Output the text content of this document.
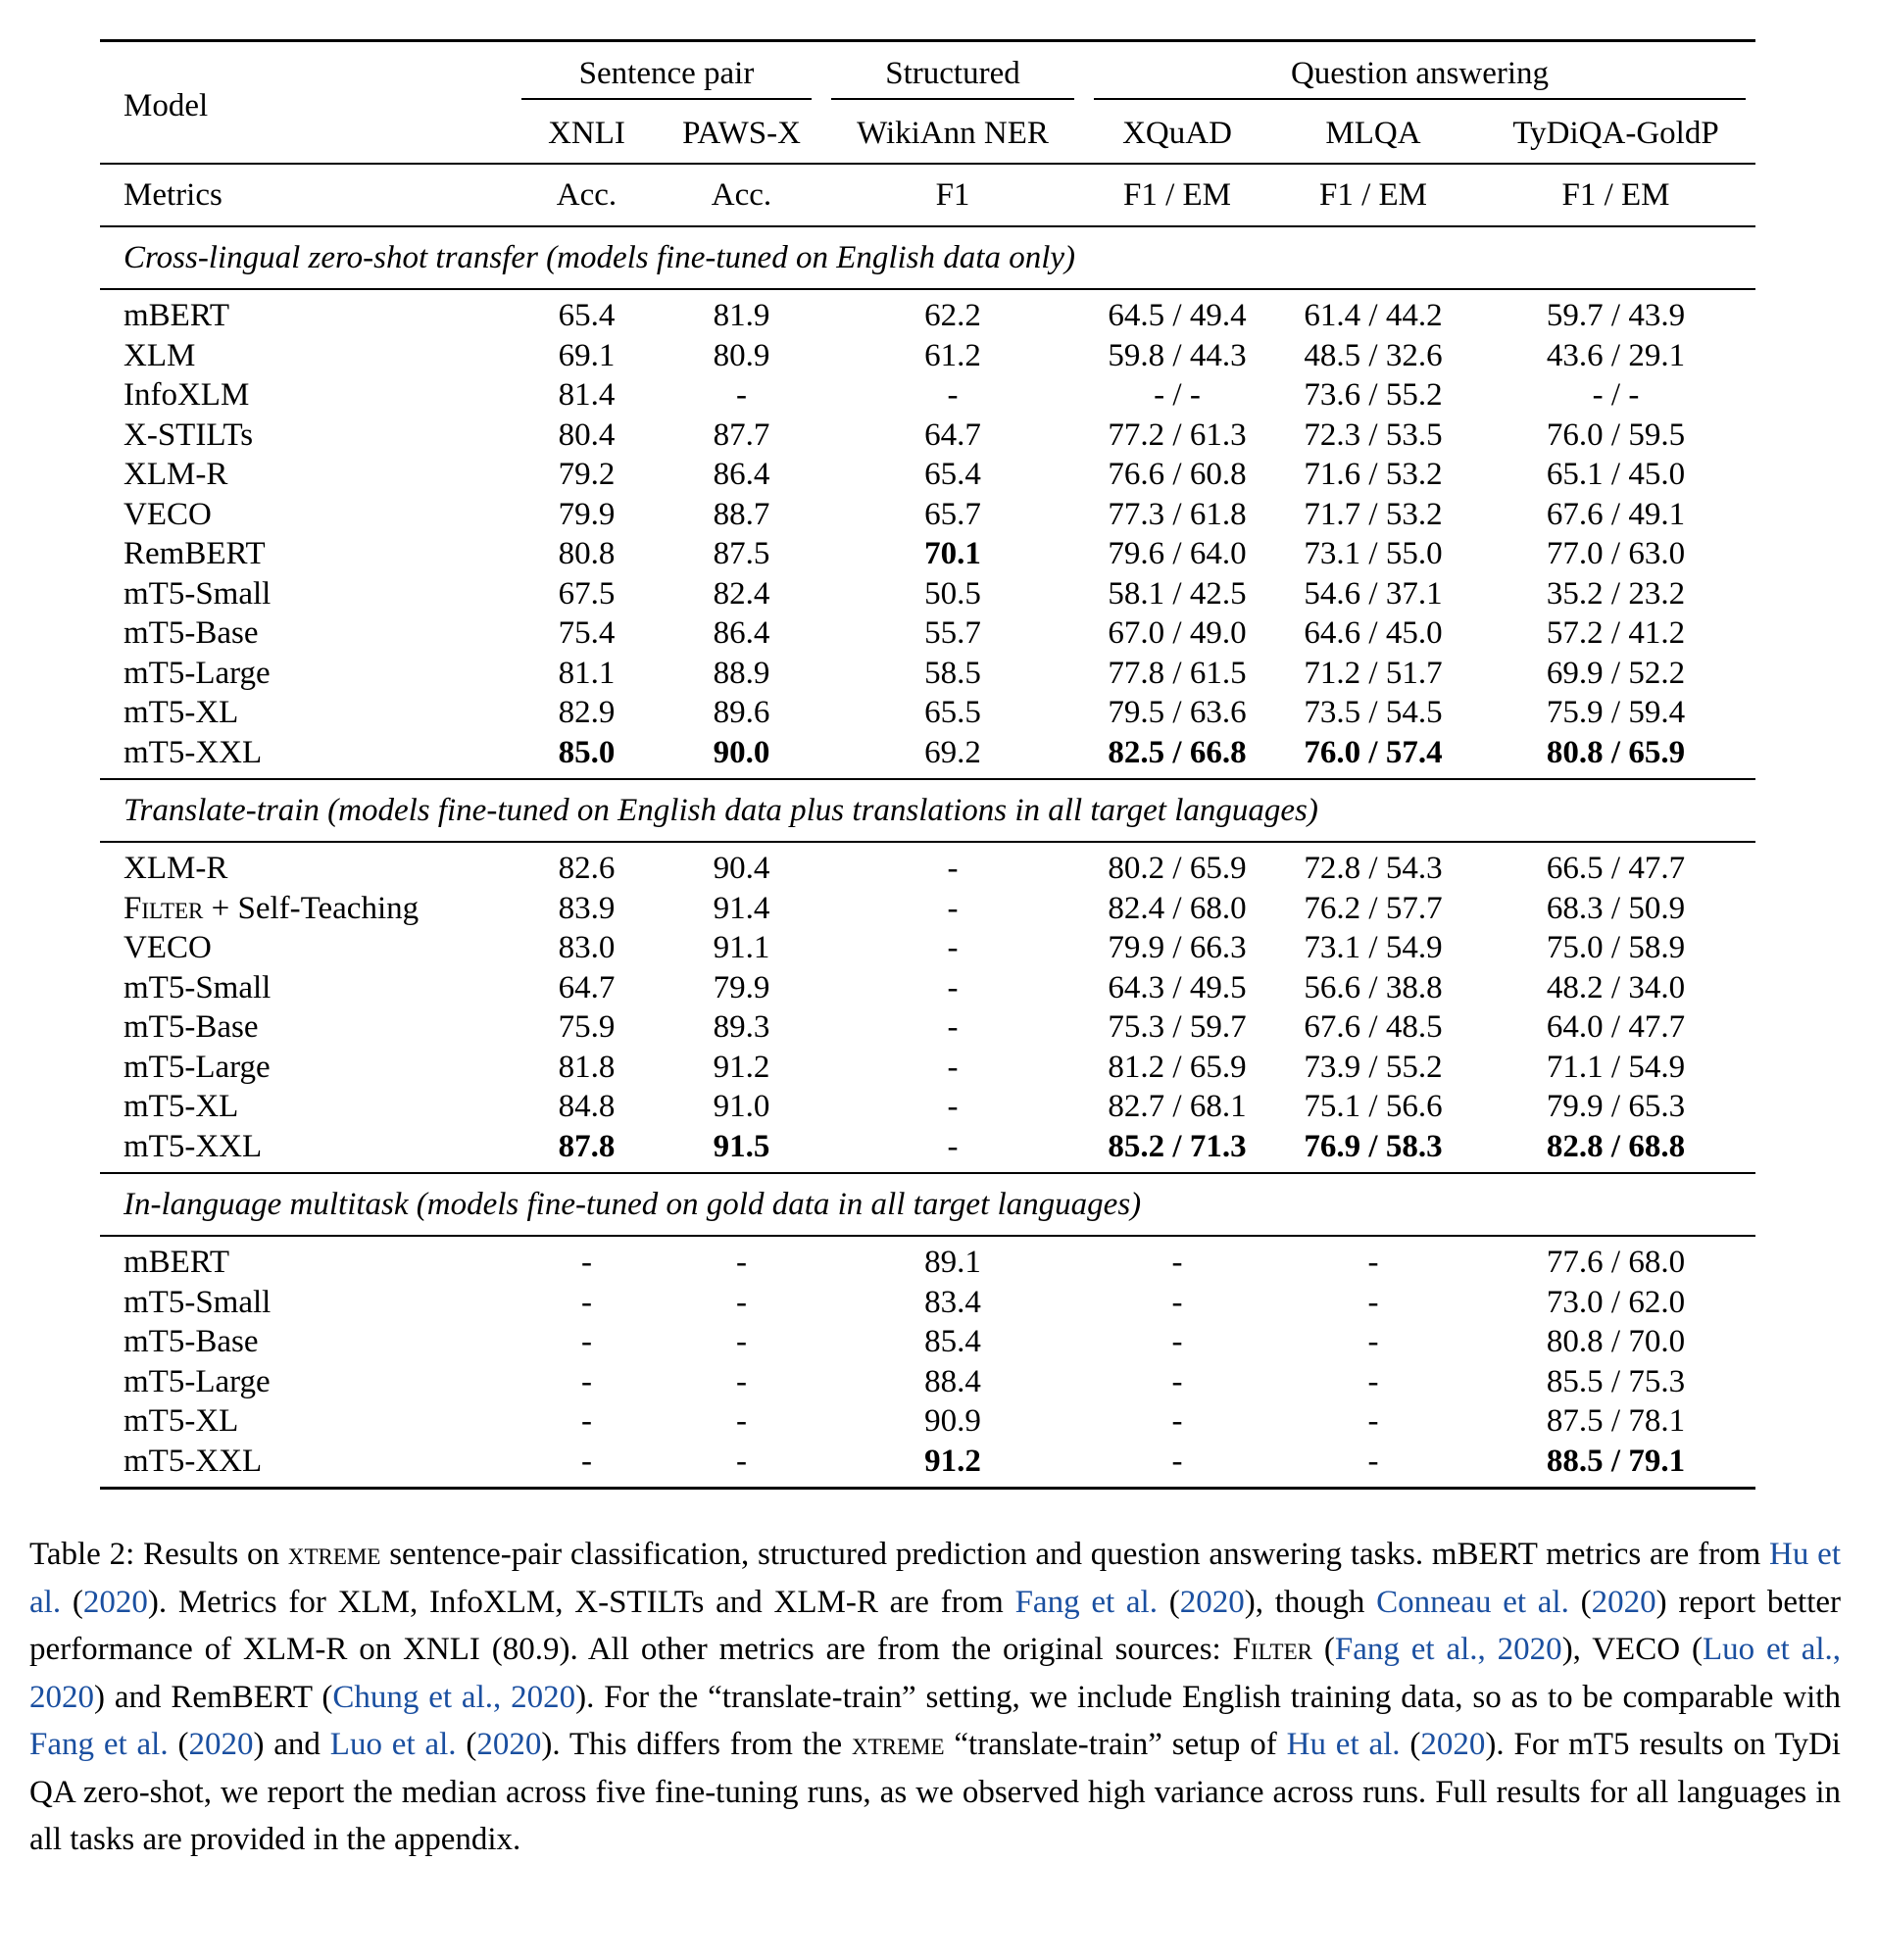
Model	Sentence pair		Structured	Question answering		

	XNLI	PAWS-X	WikiAnn NER	XQuAD	MLQA	TyDiQA-GoldP
Metrics	Acc.	Acc.	F1	F1 / EM	F1 / EM	F1 / EM
Cross-lingual zero-shot transfer (models fine-tuned on English data only)						
mBERT	65.4	81.9	62.2	64.5 / 49.4	61.4 / 44.2	59.7 / 43.9
XLM	69.1	80.9	61.2	59.8 / 44.3	48.5 / 32.6	43.6 / 29.1
InfoXLM	81.4	-	-	- / -	73.6 / 55.2	- / -
X-STILTs	80.4	87.7	64.7	77.2 / 61.3	72.3 / 53.5	76.0 / 59.5
XLM-R	79.2	86.4	65.4	76.6 / 60.8	71.6 / 53.2	65.1 / 45.0
VECO	79.9	88.7	65.7	77.3 / 61.8	71.7 / 53.2	67.6 / 49.1
RemBERT	80.8	87.5	70.1	79.6 / 64.0	73.1 / 55.0	77.0 / 63.0
mT5-Small	67.5	82.4	50.5	58.1 / 42.5	54.6 / 37.1	35.2 / 23.2
mT5-Base	75.4	86.4	55.7	67.0 / 49.0	64.6 / 45.0	57.2 / 41.2
mT5-Large	81.1	88.9	58.5	77.8 / 61.5	71.2 / 51.7	69.9 / 52.2
mT5-XL	82.9	89.6	65.5	79.5 / 63.6	73.5 / 54.5	75.9 / 59.4
mT5-XXL	85.0	90.0	69.2	82.5 / 66.8	76.0 / 57.4	80.8 / 65.9
Translate-train (models fine-tuned on English data plus translations in all target languages)						
XLM-R	82.6	90.4	-	80.2 / 65.9	72.8 / 54.3	66.5 / 47.7
Filter + Self-Teaching	83.9	91.4	-	82.4 / 68.0	76.2 / 57.7	68.3 / 50.9
VECO	83.0	91.1	-	79.9 / 66.3	73.1 / 54.9	75.0 / 58.9
mT5-Small	64.7	79.9	-	64.3 / 49.5	56.6 / 38.8	48.2 / 34.0
mT5-Base	75.9	89.3	-	75.3 / 59.7	67.6 / 48.5	64.0 / 47.7
mT5-Large	81.8	91.2	-	81.2 / 65.9	73.9 / 55.2	71.1 / 54.9
mT5-XL	84.8	91.0	-	82.7 / 68.1	75.1 / 56.6	79.9 / 65.3
mT5-XXL	87.8	91.5	-	85.2 / 71.3	76.9 / 58.3	82.8 / 68.8
In-language multitask (models fine-tuned on gold data in all target languages)						
mBERT	-	-	89.1	-	-	77.6 / 68.0
mT5-Small	-	-	83.4	-	-	73.0 / 62.0
mT5-Base	-	-	85.4	-	-	80.8 / 70.0
mT5-Large	-	-	88.4	-	-	85.5 / 75.3
mT5-XL	-	-	90.9	-	-	87.5 / 78.1
mT5-XXL	-	-	91.2	-	-	88.5 / 79.1
Table 2: Results on xtreme sentence-pair classification, structured prediction and question answering tasks. mBERT metrics are from Hu et al. (2020). Metrics for XLM, InfoXLM, X-STILTs and XLM-R are from Fang et al. (2020), though Conneau et al. (2020) report better performance of XLM-R on XNLI (80.9). All other metrics are from the original sources: Filter (Fang et al., 2020), VECO (Luo et al., 2020) and RemBERT (Chung et al., 2020). For the “translate-train” setting, we include English training data, so as to be comparable with Fang et al. (2020) and Luo et al. (2020). This differs from the xtreme “translate-train” setup of Hu et al. (2020). For mT5 results on TyDi QA zero-shot, we report the median across five fine-tuning runs, as we observed high variance across runs. Full results for all languages in all tasks are provided in the appendix.
